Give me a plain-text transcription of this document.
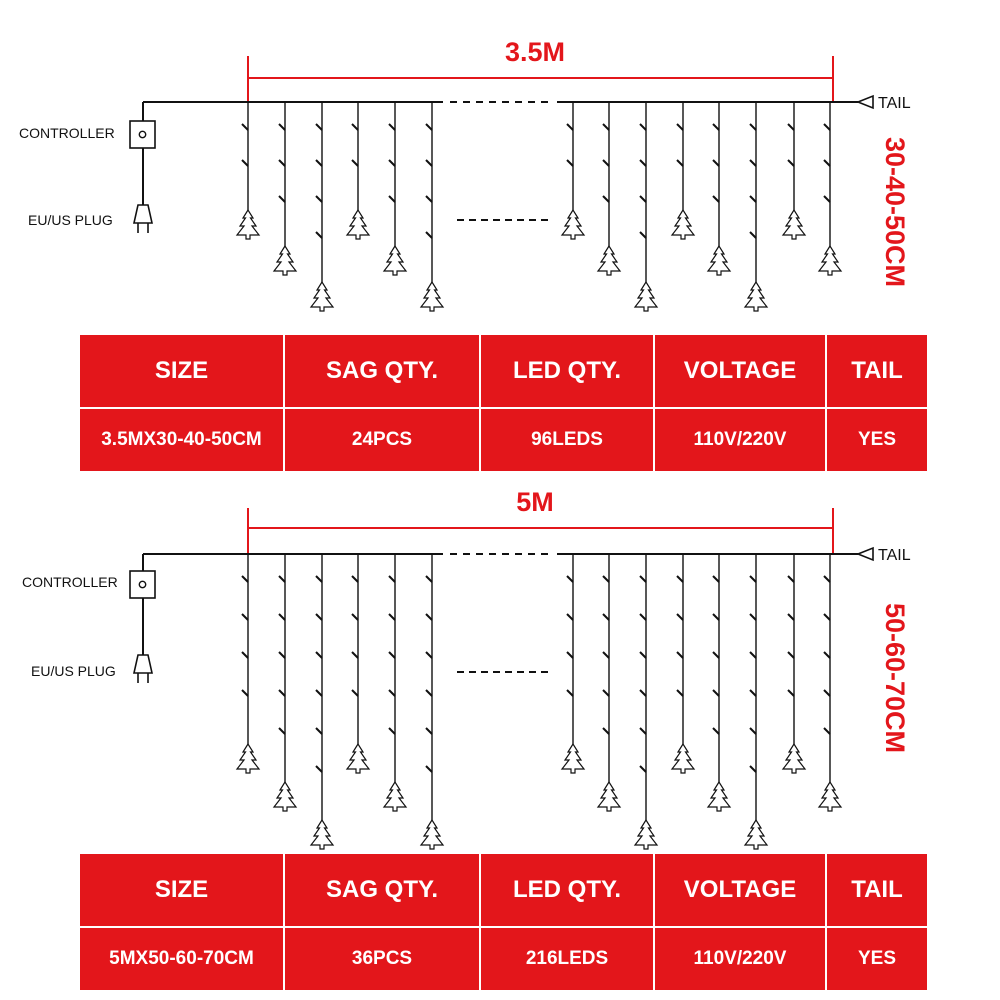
3.5M
TAIL
CONTROLLER
EU/US PLUG	30-40-50CM
SIZE	SAG QTY.	LED QTY.	VOLTAGE	TAIL
3.5MX30-40-50CM	24PCS	96LEDS	110V/220V	YES
5M
TAIL
CONTROLLER
EU/US PLUG	50-60-70CM
SIZE	SAG QTY.	LED QTY.	VOLTAGE	TAIL
5MX50-60-70CM	36PCS	216LEDS	110V/220V	YES
